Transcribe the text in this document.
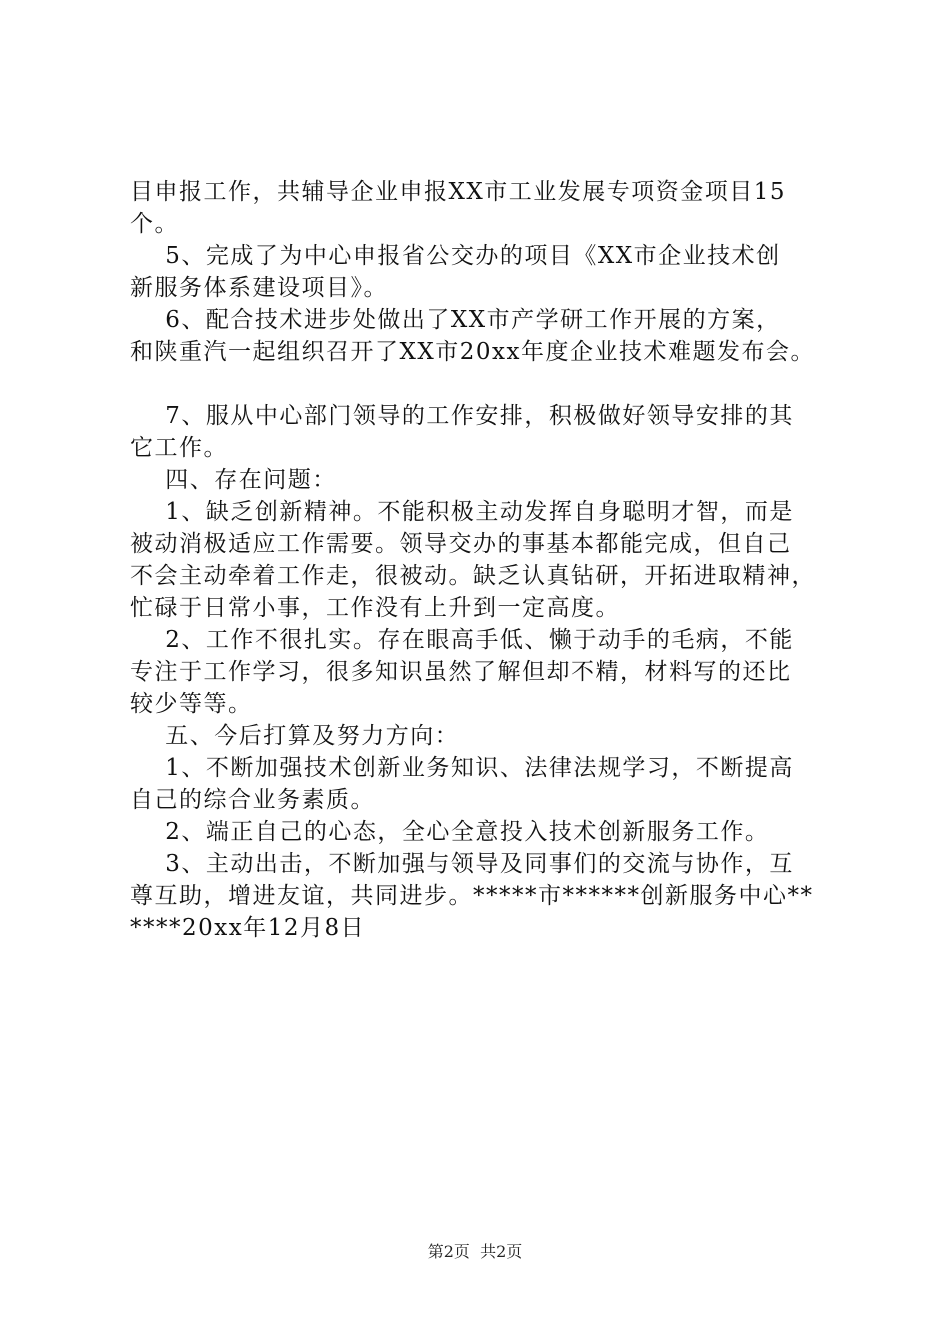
目申报工作，共辅导企业申报XX市工业发展专项资金项目15
个。
5、完成了为中心申报省公交办的项目《XX市企业技术创
新服务体系建设项目》。
6、配合技术进步处做出了XX市产学研工作开展的方案，
和陕重汽一起组织召开了XX市20xx年度企业技术难题发布会。
7、服从中心部门领导的工作安排，积极做好领导安排的其
它工作。
四、存在问题：
1、缺乏创新精神。不能积极主动发挥自身聪明才智，而是
被动消极适应工作需要。领导交办的事基本都能完成，但自己
不会主动牵着工作走，很被动。缺乏认真钻研，开拓进取精神，
忙碌于日常小事，工作没有上升到一定高度。
2、工作不很扎实。存在眼高手低、懒于动手的毛病，不能
专注于工作学习，很多知识虽然了解但却不精，材料写的还比
较少等等。
五、今后打算及努力方向：
1、不断加强技术创新业务知识、法律法规学习，不断提高
自己的综合业务素质。
2、端正自己的心态，全心全意投入技术创新服务工作。
3、主动出击，不断加强与领导及同事们的交流与协作，互
尊互助，增进友谊，共同进步。*****市******创新服务中心**
****20xx年12月8日
第2页  共2页
